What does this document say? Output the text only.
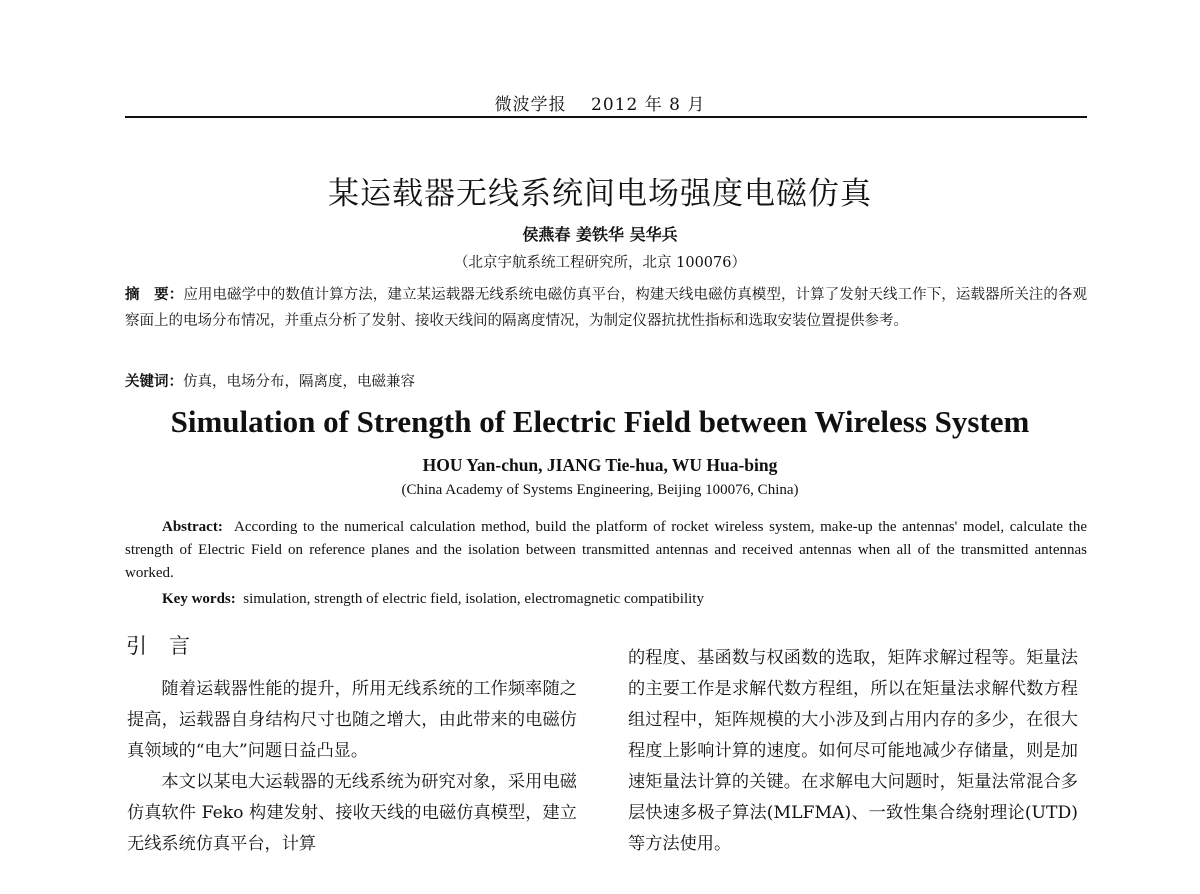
微波学报　 2012 年 8 月
某运载器无线系统间电场强度电磁仿真
侯燕春 姜铁华 吴华兵
（北京宇航系统工程研究所，北京 100076）
摘　要：应用电磁学中的数值计算方法，建立某运载器无线系统电磁仿真平台，构建天线电磁仿真模型，计算了发射天线工作下，运载器所关注的各观察面上的电场分布情况，并重点分析了发射、接收天线间的隔离度情况，为制定仪器抗扰性指标和选取安装位置提供参考。
关键词：仿真，电场分布，隔离度，电磁兼容
Simulation of Strength of Electric Field between Wireless System
HOU Yan-chun, JIANG Tie-hua, WU Hua-bing
(China Academy of Systems Engineering, Beijing 100076, China)
Abstract: According to the numerical calculation method, build the platform of rocket wireless system, make-up the antennas' model, calculate the strength of Electric Field on reference planes and the isolation between transmitted antennas and received antennas when all of the transmitted antennas worked.
Key words: simulation, strength of electric field, isolation, electromagnetic compatibility
引言

随着运载器性能的提升，所用无线系统的工作频率随之提高，运载器自身结构尺寸也随之增大，由此带来的电磁仿真领域的“电大”问题日益凸显。

本文以某电大运载器的无线系统为研究对象，采用电磁仿真软件 Feko 构建发射、接收天线的电磁仿真模型，建立无线系统仿真平台，计算

的程度、基函数与权函数的选取，矩阵求解过程等。矩量法的主要工作是求解代数方程组，所以在矩量法求解代数方程组过程中，矩阵规模的大小涉及到占用内存的多少，在很大程度上影响计算的速度。如何尽可能地减少存储量，则是加速矩量法计算的关键。在求解电大问题时，矩量法常混合多层快速多极子算法(MLFMA)、一致性集合绕射理论(UTD)等方法使用。
